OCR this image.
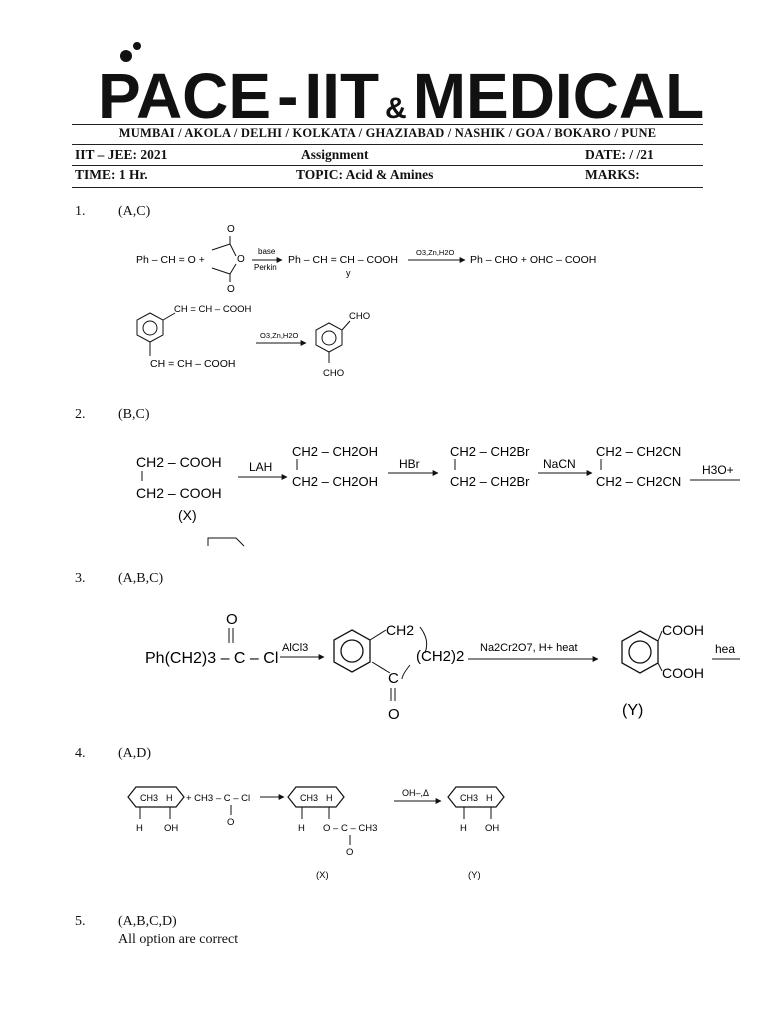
PACE-IIT &MEDICAL
MUMBAI / AKOLA / DELHI / KOLKATA / GHAZIABAD / NASHIK / GOA / BOKARO / PUNE
IIT – JEE: 2021	Assignment	DATE: / /21
TIME: 1 Hr.	TOPIC: Acid & Amines	MARKS:
1. (A,C)
2. (B,C)
3. (A,B,C)
4. (A,D)
5. (A,B,C,D)
All option are correct
Ph – CH = O +
O
O
O
base
Perkin
Ph – CH = CH – COOH
y
O3,Zn,H2O
Ph – CHO + OHC – COOH
CH = CH – COOH
CH = CH – COOH
O3,Zn,H2O
CHO
CHO
CH2 – COOH
CH2 – COOH
(X)
LAH
CH2 – CH2OH
CH2 – CH2OH
HBr
CH2 – CH2Br
CH2 – CH2Br
NaCN
CH2 – CH2CN
CH2 – CH2CN
H3O+
O
Ph(CH2)3 – C – Cl
AlCl3
CH2
(CH2)2
C
O
Na2Cr2O7, H+ heat
COOH
COOH
(Y)
hea
CH3 H
H OH
+ CH3 – C – Cl
O
CH3 H
H O – C – CH3
O
OH–,Δ	CH3 H
H OH
(X)	(Y)
